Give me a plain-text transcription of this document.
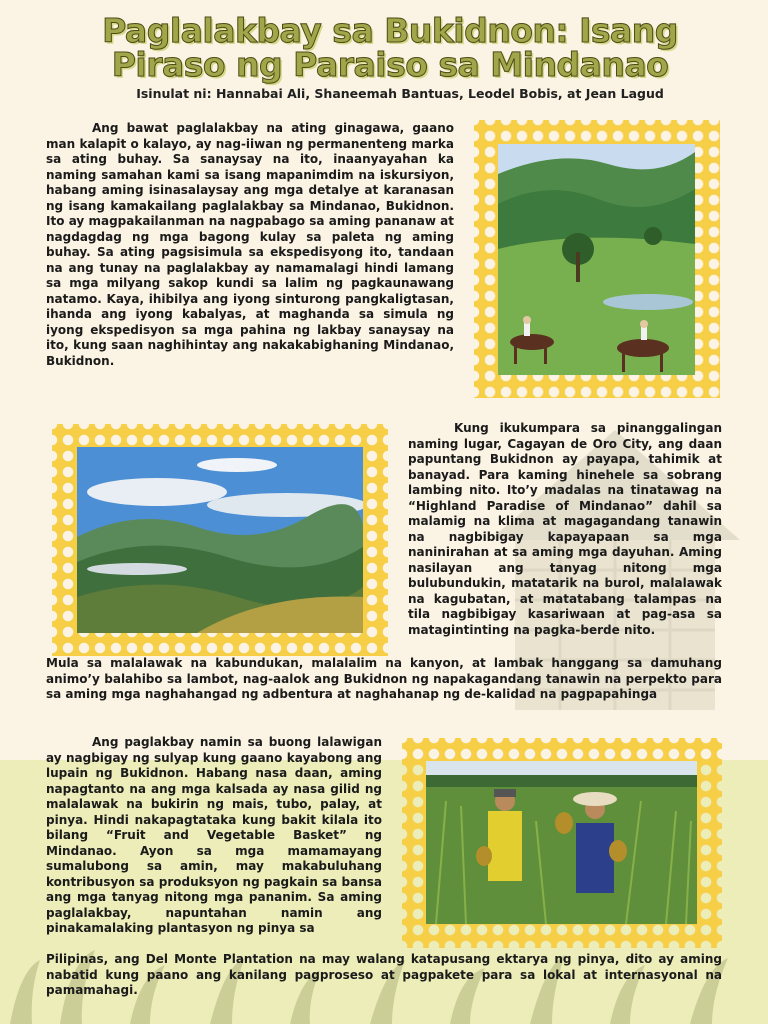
Paglalakbay sa Bukidnon: Isang
Piraso ng Paraiso sa Mindanao

Isinulat ni: Hannabai Ali, Shaneemah Bantuas, Leodel Bobis, at Jean Lagud

Ang bawat paglalakbay na ating ginagawa, gaano man kalapit o kalayo, ay nag-iiwan ng permanenteng marka sa ating buhay. Sa sanaysay na ito, inaanyayahan ka naming samahan kami sa isang mapanimdim na iskursiyon, habang aming isinasalaysay ang mga detalye at karanasan ng isang kamakailang paglalakbay sa Mindanao, Bukidnon. Ito ay magpakailanman na nagpabago sa aming pananaw at nagdagdag ng mga bagong kulay sa paleta ng aming buhay. Sa ating pagsisimula sa ekspedisyong ito, tandaan na ang tunay na paglalakbay ay namamalagi hindi lamang sa mga milyang sakop kundi sa lalim ng pagkaunawang natamo. Kaya, ihibilya ang iyong sinturong pangkaligtasan, ihanda ang iyong kabalyas, at maghanda sa simula ng iyong ekspedisyon sa mga pahina ng lakbay sanaysay na ito, kung saan naghihintay ang nakakabighaning Mindanao, Bukidnon.

Kung ikukumpara sa pinanggalingan naming lugar, Cagayan de Oro City, ang daan papuntang Bukidnon ay payapa, tahimik at banayad. Para kaming hinehele sa sobrang lambing nito. Ito’y madalas na tinatawag na “Highland Paradise of Mindanao” dahil sa malamig na klima at magagandang tanawin na nagbibigay kapayapaan sa mga naninirahan at sa aming mga dayuhan. Aming nasilayan ang tanyag nitong mga bulubundukin, matatarik na burol, malalawak na kagubatan, at matatabang talampas na tila nagbibigay kasariwaan at pag-asa sa matagintinting na pagka-berde nito.

Mula sa malalawak na kabundukan, malalalim na kanyon, at lambak hanggang sa damuhang animo’y balahibo sa lambot, nag-aalok ang Bukidnon ng napakagandang tanawin na perpekto para sa aming mga naghahangad ng adbentura at naghahanap ng de-kalidad na pagpapahinga

Ang paglakbay namin sa buong lalawigan ay nagbigay ng sulyap kung gaano kayabong ang lupain ng Bukidnon. Habang nasa daan, aming napagtanto na ang mga kalsada ay nasa gilid ng malalawak na bukirin ng mais, tubo, palay, at pinya. Hindi nakapagtataka kung bakit kilala ito bilang “Fruit and Vegetable Basket” ng Mindanao. Ayon sa mga mamamayang sumalubong sa amin, may makabuluhang kontribusyon sa produksyon ng pagkain sa bansa ang mga tanyag nitong mga pananim. Sa aming paglalakbay, napuntahan namin ang pinakamalaking plantasyon ng pinya sa

Pilipinas, ang Del Monte Plantation na may walang katapusang ektarya ng pinya, dito ay aming nabatid kung paano ang kanilang pagproseso at pagpakete para sa lokal at internasyonal na pamamahagi.
